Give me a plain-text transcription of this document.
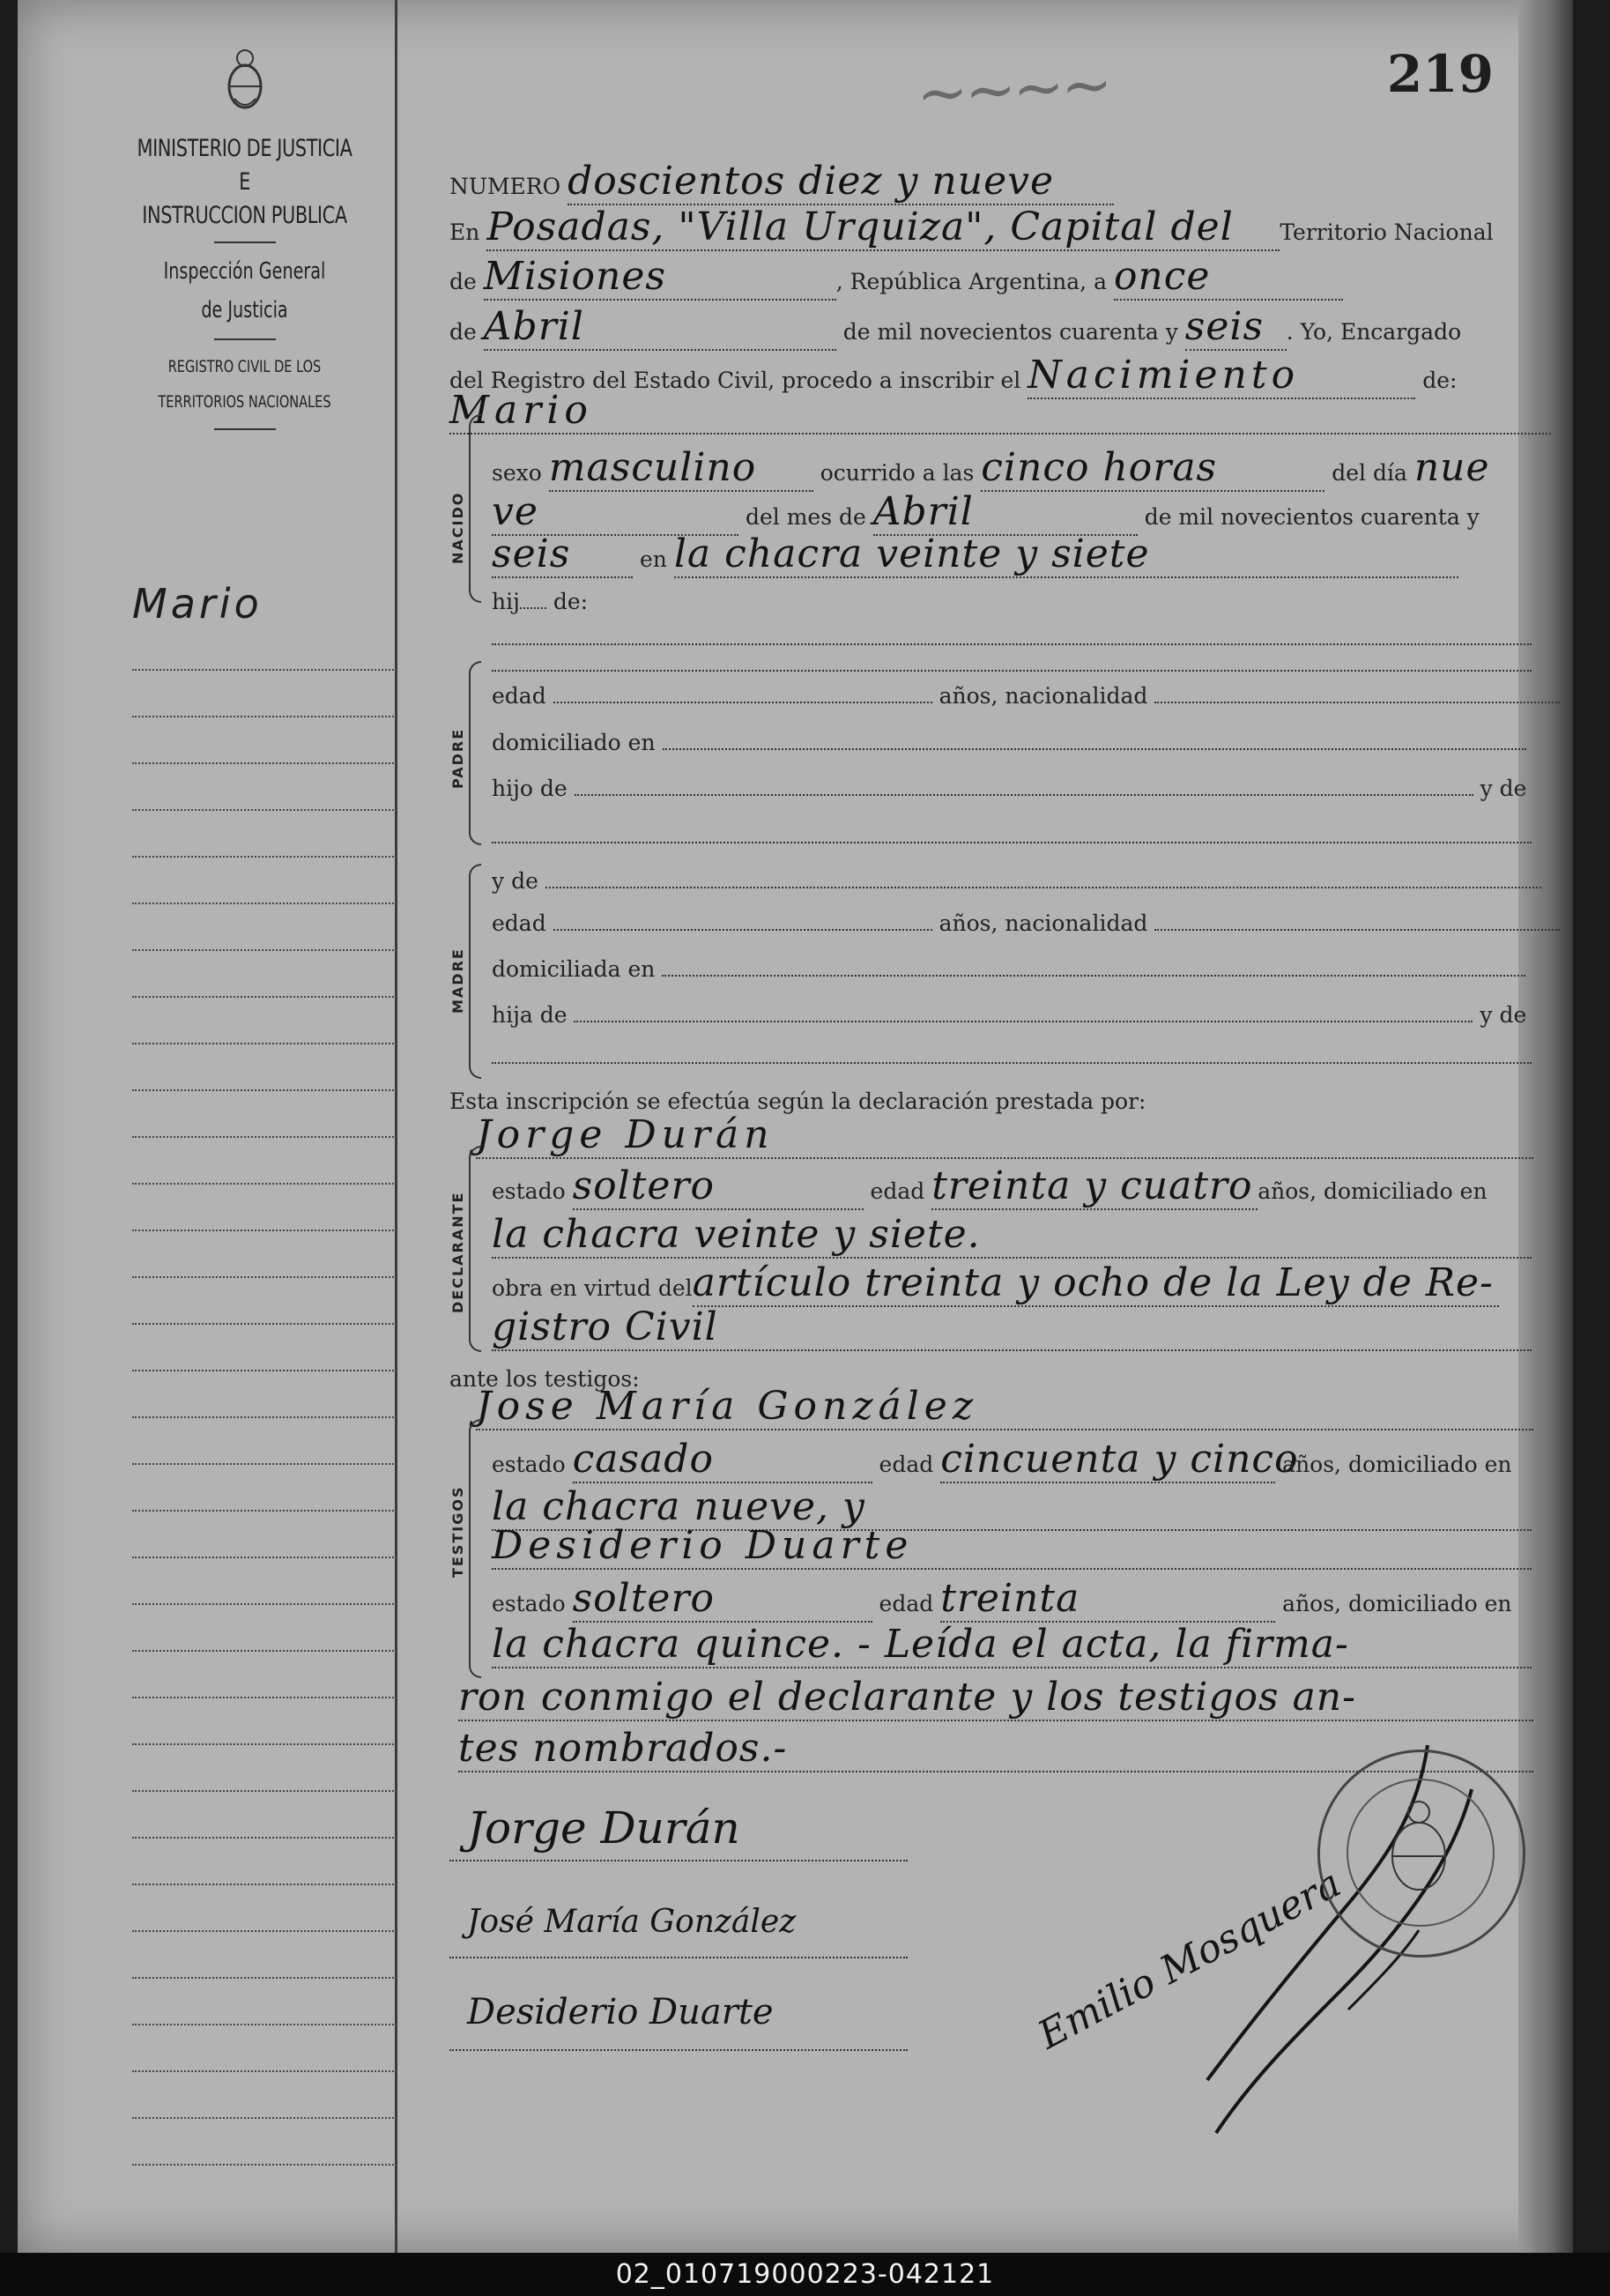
MINISTERIO DE JUSTICIA
E
INSTRUCCION PUBLICA
Inspección General
de Justicia
REGISTRO CIVIL DE LOS
TERRITORIOS NACIONALES
Mario
~~~~	219
NUMERO doscientos diez y nueve
En Posadas, "Villa Urquiza", Capital del Territorio Nacional
de Misiones	, República Argentina, a once
de Abril	de mil novecientos cuarenta y seis . Yo, Encargado
del Registro del Estado Civil, procedo a inscribir el Nacimiento	de:
Mario
NACIDO
sexo masculino	ocurrido a las cinco horas	del día nue
ve	del mes de Abril	de mil novecientos cuarenta y
seis	en la chacra veinte y siete
hij de:
PADRE
edad	años, nacionalidad
domiciliado en
hijo de	y de
MADRE
y de
edad	años, nacionalidad
domiciliada en
hija de	y de
Esta inscripción se efectúa según la declaración prestada por:
Jorge Durán
DECLARANTE
estado soltero	edad treinta y cuatro años, domiciliado en
la chacra veinte y siete.
obra en virtud delartículo treinta y ocho de la Ley de Re-
gistro Civil
ante los testigos:
Jose María González
TESTIGOS
estado casado	edad cincuenta y cinco años, domiciliado en
la chacra nueve, y
Desiderio Duarte
estado soltero	edad treinta	años, domiciliado en
la chacra quince. - Leída el acta, la firma-
ron conmigo el declarante y los testigos an-
tes nombrados.-
Jorge Durán
José María González
Desiderio Duarte	Emilio Mosquera
02_010719000223-042121
